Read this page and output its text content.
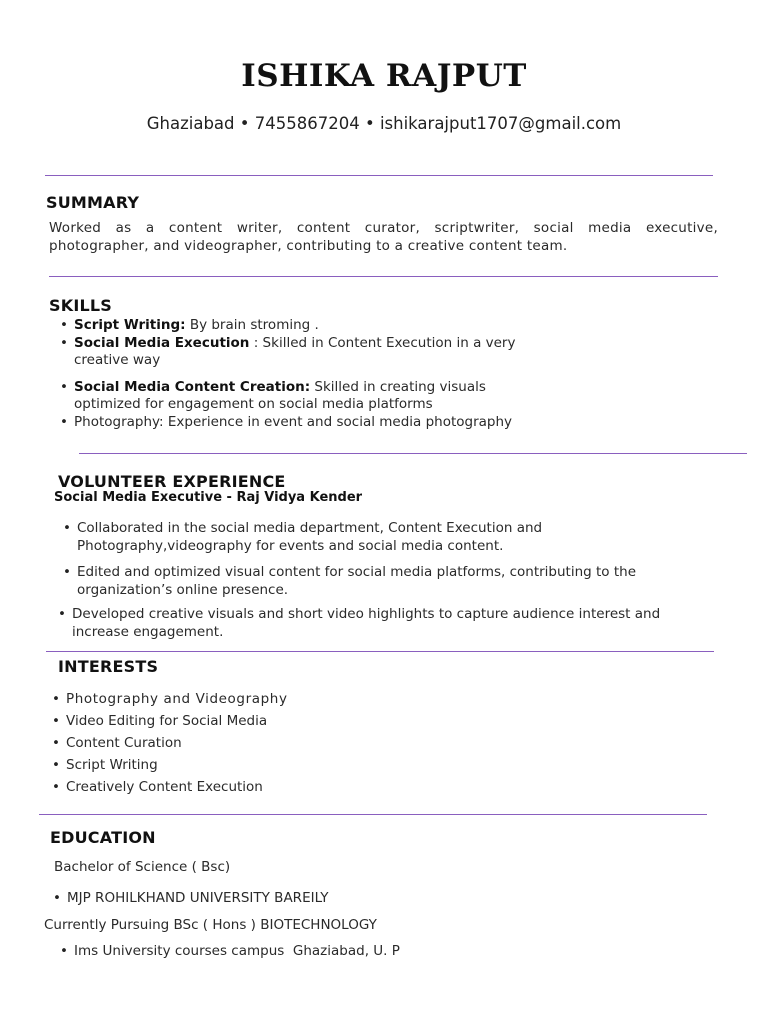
ISHIKA RAJPUT
Ghaziabad • 7455867204 • ishikarajput1707@gmail.com
SUMMARY
Worked as a content writer, content curator, scriptwriter, social media executive, photographer, and videographer, contributing to a creative content team.
SKILLS
• Script Writing: By brain stroming .
• Social Media Execution : Skilled in Content Execution in a very creative way
• Social Media Content Creation: Skilled in creating visuals optimized for engagement on social media platforms
• Photography: Experience in event and social media photography
VOLUNTEER EXPERIENCE
Social Media Executive - Raj Vidya Kender
• Collaborated in the social media department, Content Execution and Photography,videography for events and social media content.
• Edited and optimized visual content for social media platforms, contributing to the organization’s online presence.
• Developed creative visuals and short video highlights to capture audience interest and increase engagement.
INTERESTS
• Photography and Videography
• Video Editing for Social Media
• Content Curation
• Script Writing
• Creatively Content Execution
EDUCATION
Bachelor of Science ( Bsc)
• MJP ROHILKHAND UNIVERSITY BAREILY
Currently Pursuing BSc ( Hons ) BIOTECHNOLOGY
• Ims University courses campus  Ghaziabad, U. P
